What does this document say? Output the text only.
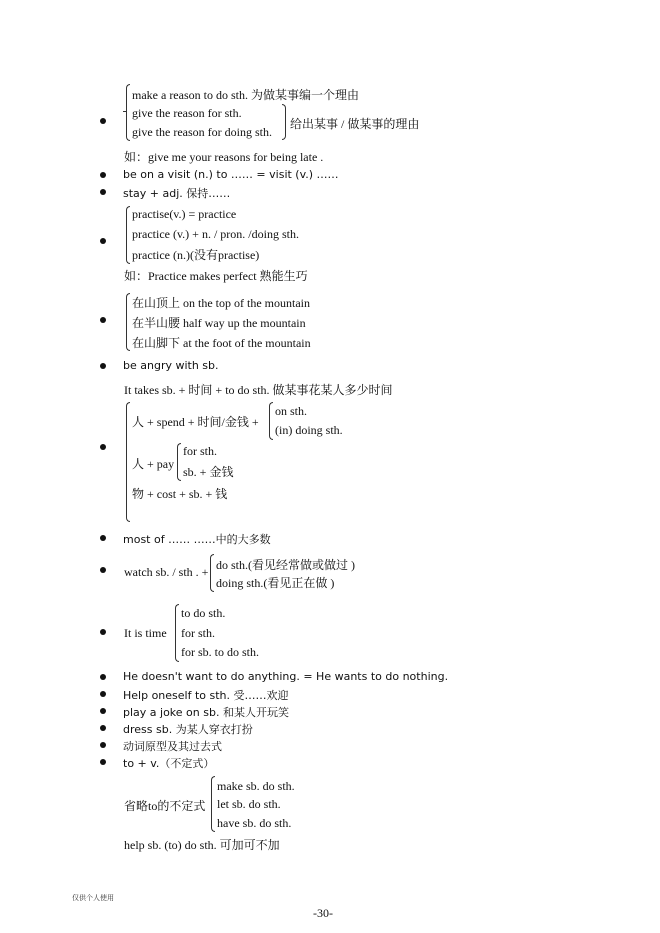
make a reason to do sth. 为做某事编一个理由
give the reason for sth.
give the reason for doing sth.
给出某事 / 做某事的理由
如：give me your reasons for being late .
be on a visit (n.) to …… = visit (v.) ……
stay + adj. 保持……
practise(v.) = practice
practice (v.) + n. / pron. /doing sth.
practice (n.)(没有practise)
如：Practice makes perfect 熟能生巧
在山顶上 on the top of the mountain
在半山腰 half way up the mountain
在山脚下 at the foot of the mountain
be angry with sb.
It takes sb. + 时间 + to do sth. 做某事花某人多少时间
人 + spend + 时间/金钱 +
on sth.
(in) doing sth.
人 + pay
for sth.
sb. + 金钱
物 + cost + sb. + 钱
most of …… ……中的大多数
watch sb. / sth . + do sth.(看见经常做或做过 )
doing sth.(看见正在做 )
It is time
to do sth.
for sth.
for sb. to do sth.
He doesn't want to do anything. = He wants to do nothing.
Help oneself to sth. 受……欢迎
play a joke on sb. 和某人开玩笑
dress sb. 为某人穿衣打扮
动词原型及其过去式
to + v.（不定式）
省略to的不定式
make sb. do sth.
let sb. do sth.
have sb. do sth.
help sb. (to) do sth. 可加可不加
仅供个人使用
-30-
